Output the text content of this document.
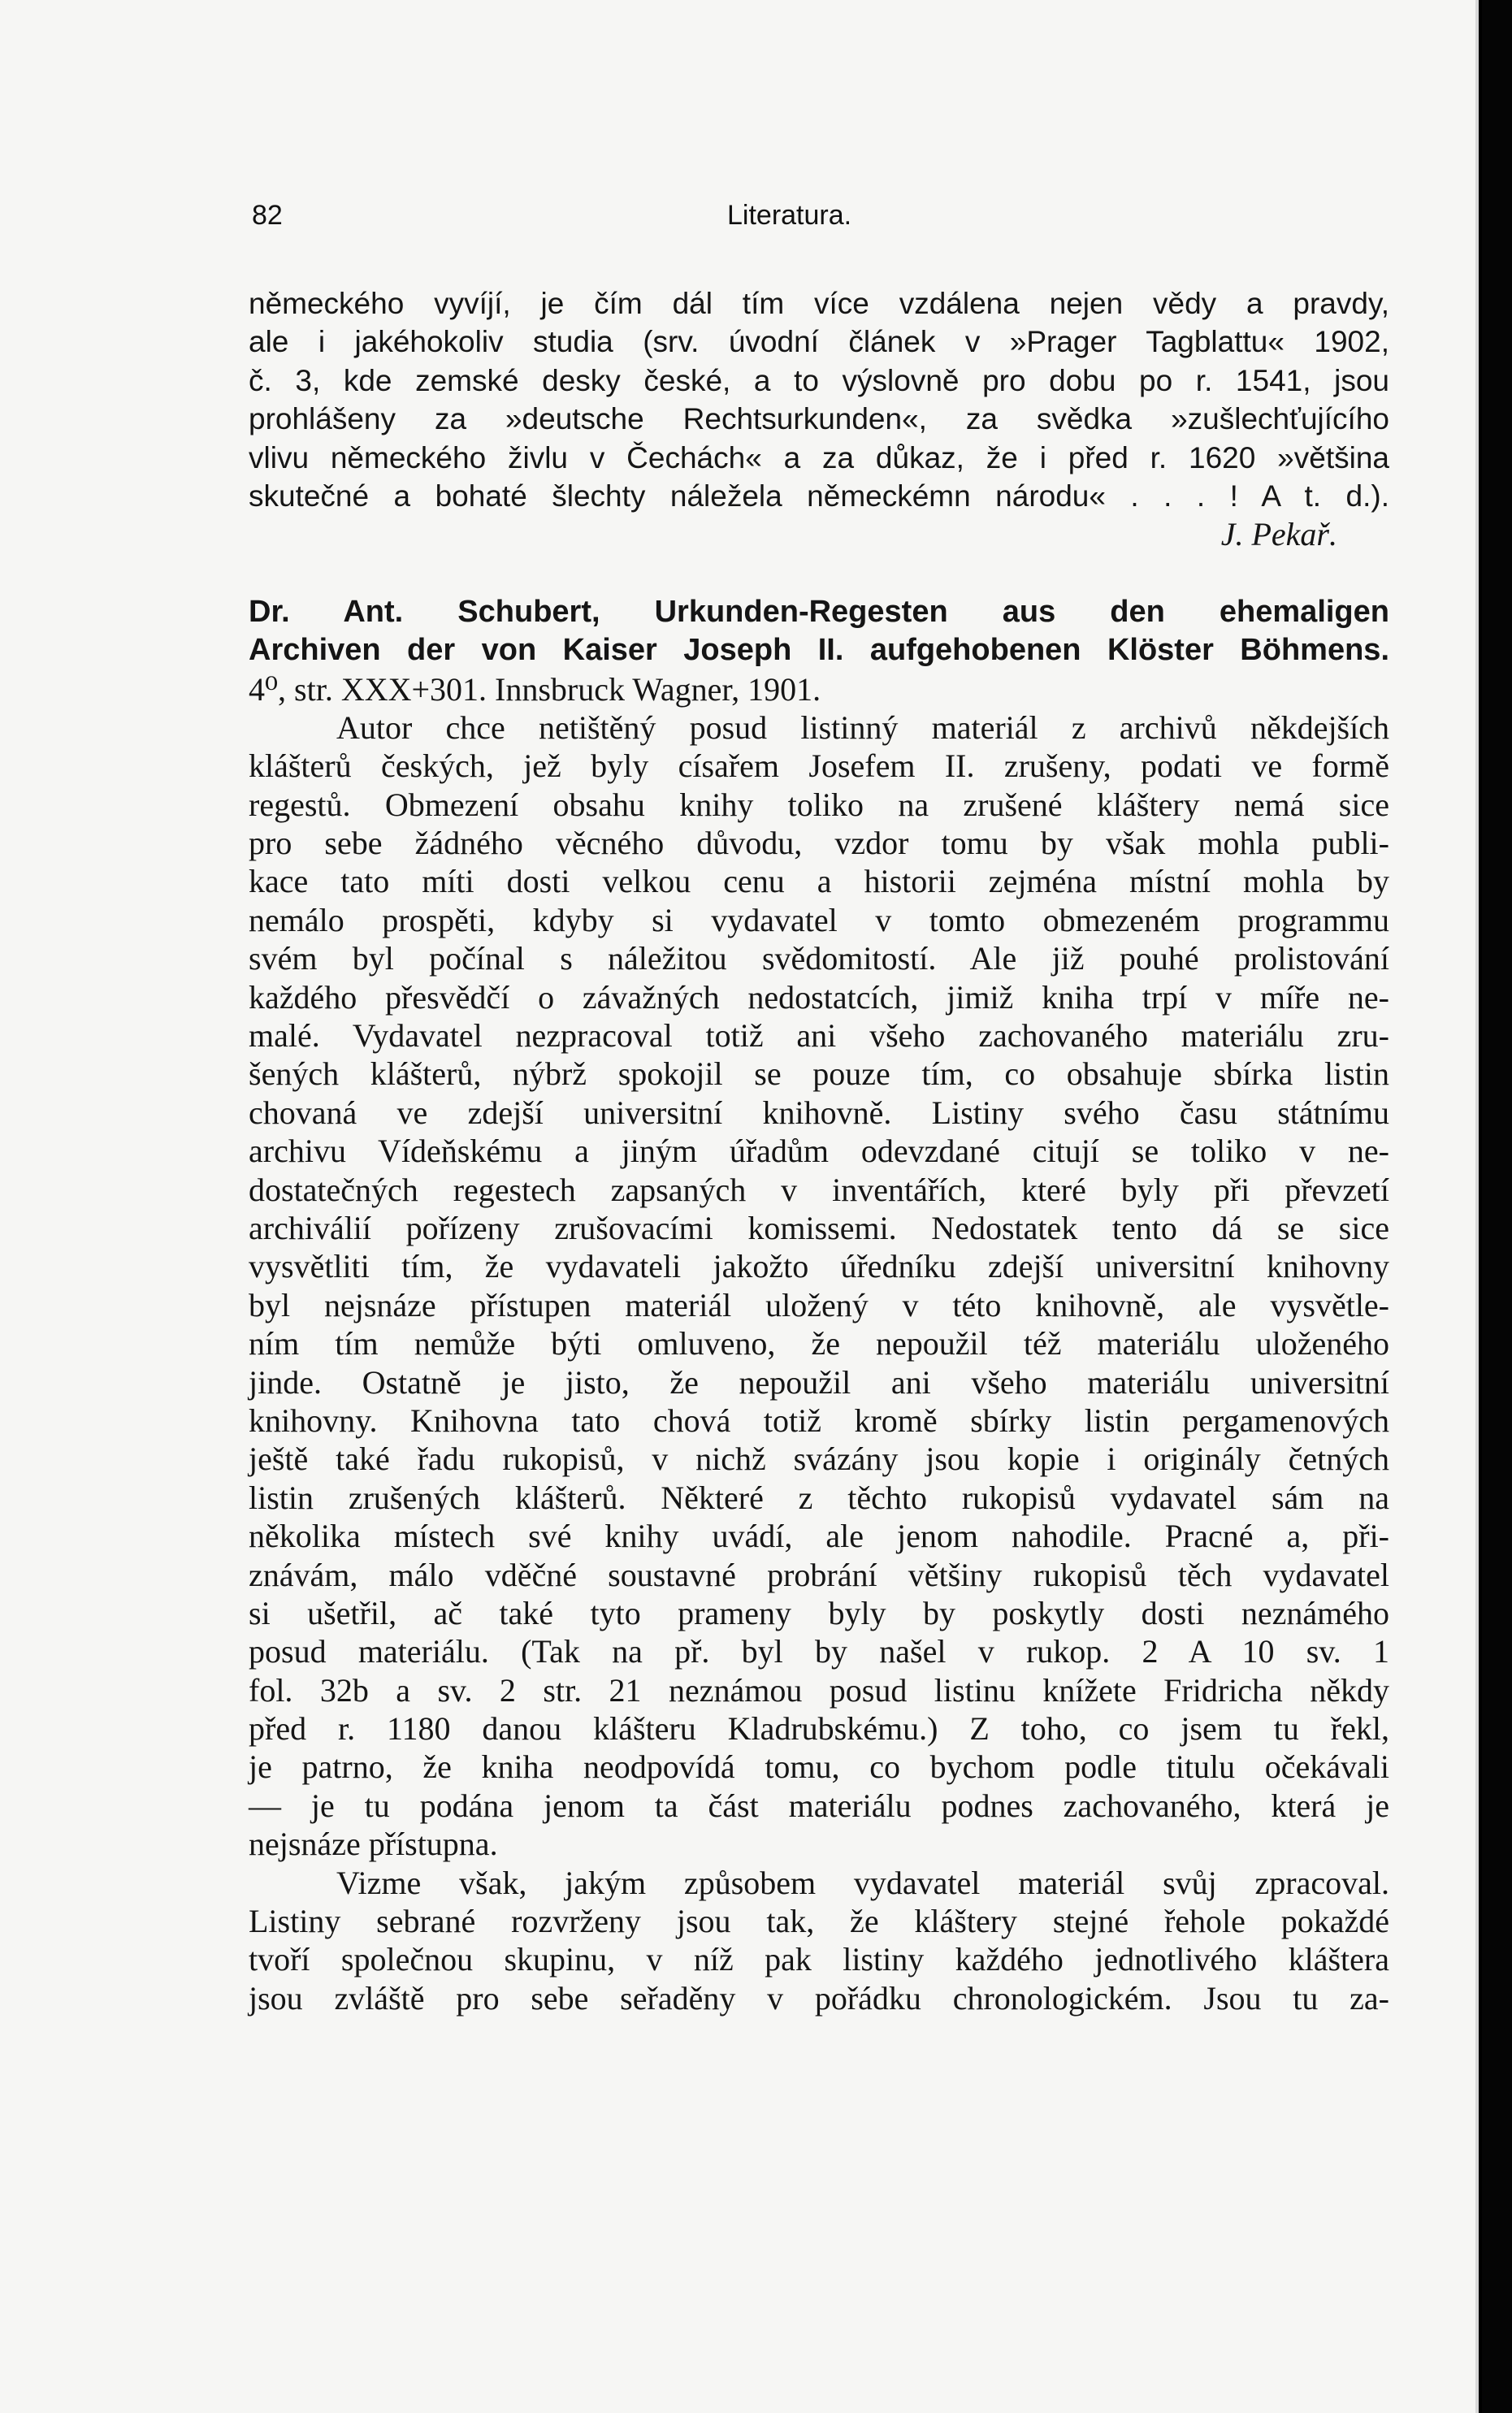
82	Literatura.
německého vyvíjí, je čím dál tím více vzdálena nejen vědy a pravdy,
ale i jakéhokoliv studia (srv. úvodní článek v »Prager Tagblattu« 1902,
č. 3, kde zemské desky české, a to výslovně pro dobu po r. 1541, jsou
prohlášeny za »deutsche Rechtsurkunden«, za svědka »zušlechťujícího
vlivu německého živlu v Čechách« a za důkaz, že i před r. 1620 »většina
skutečné a bohaté šlechty náležela německémn národu« . . . ! A t. d.).
J. Pekař.
Dr. Ant. Schubert, Urkunden-Regesten aus den ehemaligen
Archiven der von Kaiser Joseph II. aufgehobenen Klöster Böhmens.
4⁰, str. XXX+301. Innsbruck Wagner, 1901.
Autor chce netištěný posud listinný materiál z archivů někdejších
klášterů českých, jež byly císařem Josefem II. zrušeny, podati ve formě
regestů. Obmezení obsahu knihy toliko na zrušené kláštery nemá sice
pro sebe žádného věcného důvodu, vzdor tomu by však mohla publi-
kace tato míti dosti velkou cenu a historii zejména místní mohla by
nemálo prospěti, kdyby si vydavatel v tomto obmezeném programmu
svém byl počínal s náležitou svědomitostí. Ale již pouhé prolistování
každého přesvědčí o závažných nedostatcích, jimiž kniha trpí v míře ne-
malé. Vydavatel nezpracoval totiž ani všeho zachovaného materiálu zru-
šených klášterů, nýbrž spokojil se pouze tím, co obsahuje sbírka listin
chovaná ve zdejší universitní knihovně. Listiny svého času státnímu
archivu Vídeňskému a jiným úřadům odevzdané citují se toliko v ne-
dostatečných regestech zapsaných v inventářích, které byly při převzetí
archiválií pořízeny zrušovacími komissemi. Nedostatek tento dá se sice
vysvětliti tím, že vydavateli jakožto úředníku zdejší universitní knihovny
byl nejsnáze přístupen materiál uložený v této knihovně, ale vysvětle-
ním tím nemůže býti omluveno, že nepoužil též materiálu uloženého
jinde. Ostatně je jisto, že nepoužil ani všeho materiálu universitní
knihovny. Knihovna tato chová totiž kromě sbírky listin pergamenových
ještě také řadu rukopisů, v nichž svázány jsou kopie i originály četných
listin zrušených klášterů. Některé z těchto rukopisů vydavatel sám na
několika místech své knihy uvádí, ale jenom nahodile. Pracné a, při-
znávám, málo vděčné soustavné probrání většiny rukopisů těch vydavatel
si ušetřil, ač také tyto prameny byly by poskytly dosti neznámého
posud materiálu. (Tak na př. byl by našel v rukop. 2 A 10 sv. 1
fol. 32b a sv. 2 str. 21 neznámou posud listinu knížete Fridricha někdy
před r. 1180 danou klášteru Kladrubskému.) Z toho, co jsem tu řekl,
je patrno, že kniha neodpovídá tomu, co bychom podle titulu očekávali
— je tu podána jenom ta část materiálu podnes zachovaného, která je
nejsnáze přístupna.
Vizme však, jakým způsobem vydavatel materiál svůj zpracoval.
Listiny sebrané rozvrženy jsou tak, že kláštery stejné řehole pokaždé
tvoří společnou skupinu, v níž pak listiny každého jednotlivého kláštera
jsou zvláště pro sebe seřaděny v pořádku chronologickém. Jsou tu za-
